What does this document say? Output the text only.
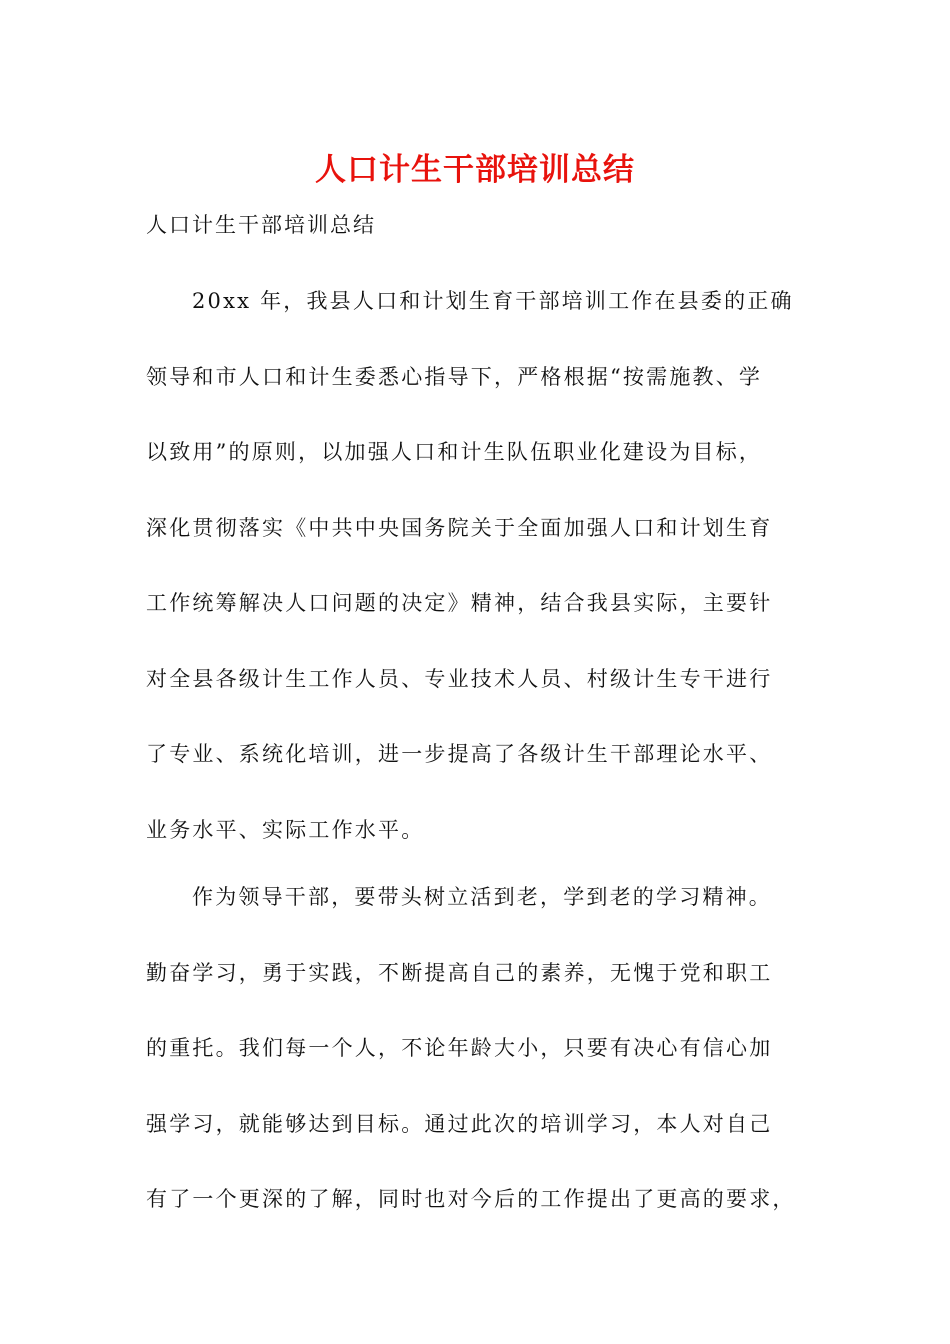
人口计生干部培训总结
人口计生干部培训总结
20xx 年，我县人口和计划生育干部培训工作在县委的正确
领导和市人口和计生委悉心指导下，严格根据“按需施教、学
以致用”的原则，以加强人口和计生队伍职业化建设为目标，
深化贯彻落实《中共中央国务院关于全面加强人口和计划生育
工作统筹解决人口问题的决定》精神，结合我县实际，主要针
对全县各级计生工作人员、专业技术人员、村级计生专干进行
了专业、系统化培训，进一步提高了各级计生干部理论水平、
业务水平、实际工作水平。
作为领导干部，要带头树立活到老，学到老的学习精神。
勤奋学习，勇于实践，不断提高自己的素养，无愧于党和职工
的重托。我们每一个人，不论年龄大小，只要有决心有信心加
强学习，就能够达到目标。通过此次的培训学习，本人对自己
有了一个更深的了解，同时也对今后的工作提出了更高的要求，
